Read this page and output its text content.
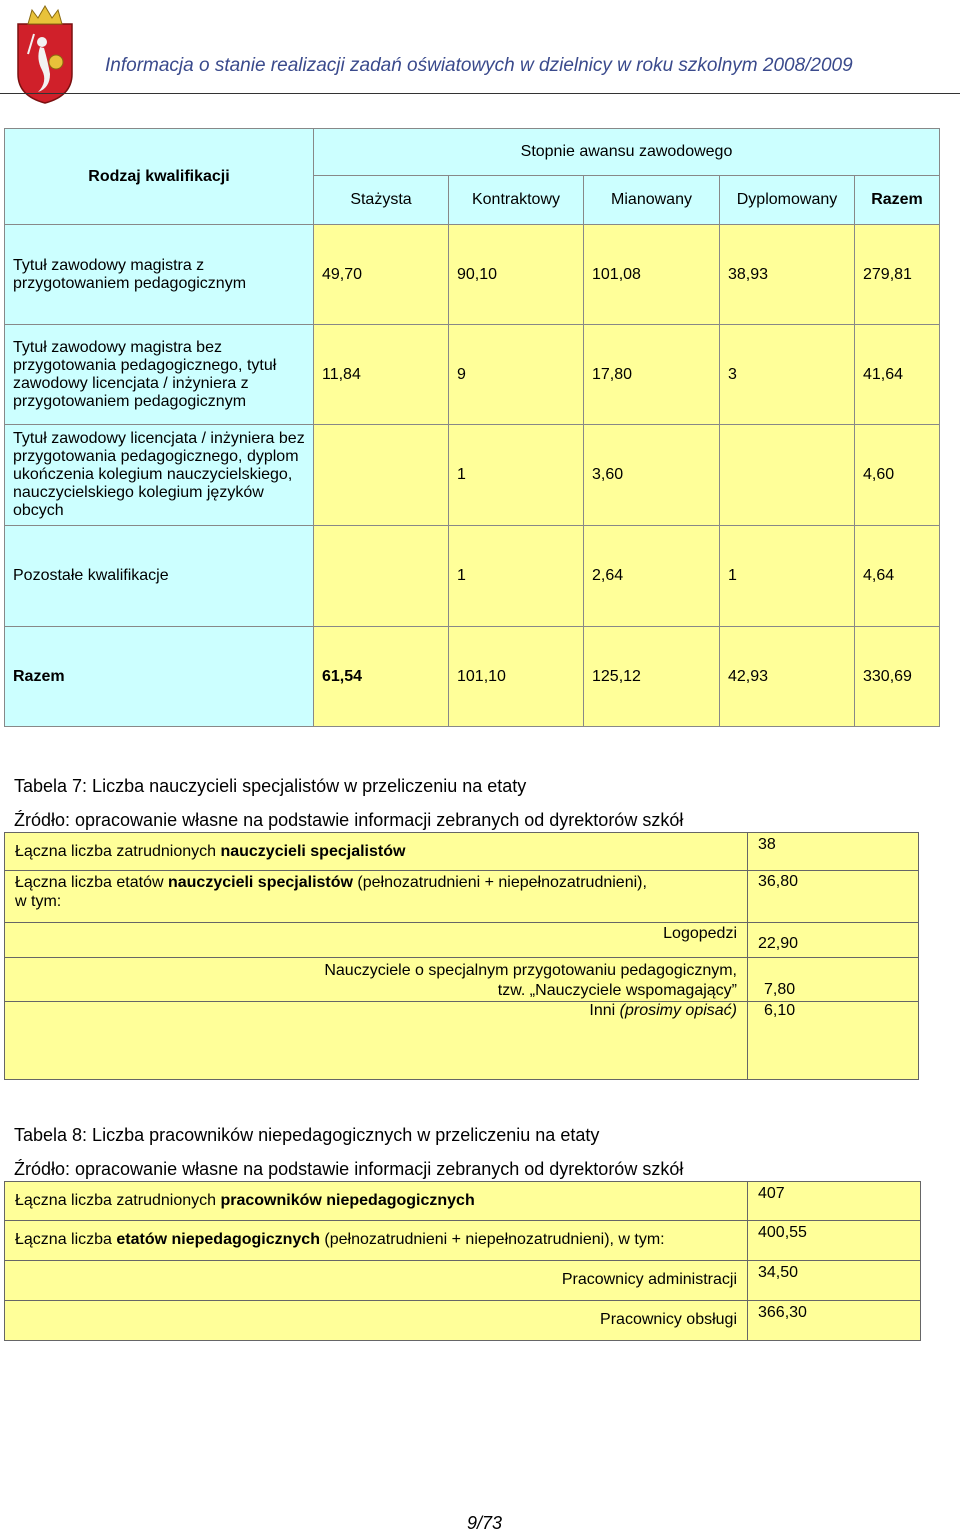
Informacja o stanie realizacji zadań oświatowych w dzielnicy w roku szkolnym 2008/2009
Rodzaj kwalifikacji	Stopnie awansu zawodowego				
	Stażysta	Kontraktowy	Mianowany	Dyplomowany	Razem
Tytuł zawodowy magistra z przygotowaniem pedagogicznym	49,70	90,10	101,08	38,93	279,81
Tytuł zawodowy magistra bez przygotowania pedagogicznego, tytuł zawodowy licencjata / inżyniera z przygotowaniem pedagogicznym	11,84	9	17,80	3	41,64
Tytuł zawodowy licencjata / inżyniera bez przygotowania pedagogicznego, dyplom ukończenia kolegium nauczycielskiego, nauczycielskiego kolegium języków obcych		1	3,60		4,60
Pozostałe kwalifikacje		1	2,64	1	4,64
Razem	61,54	101,10	125,12	42,93	330,69
Tabela 7: Liczba nauczycieli specjalistów w przeliczeniu na etaty
Źródło: opracowanie własne na podstawie informacji zebranych od dyrektorów szkół
Łączna liczba zatrudnionych nauczycieli specjalistów	38
Łączna liczba etatów nauczycieli specjalistów (pełnozatrudnieni + niepełnozatrudnieni),
w tym:	36,80
Logopedzi	22,90
Nauczyciele o specjalnym przygotowaniu pedagogicznym,
tzw. „Nauczyciele wspomagający”	7,80
Inni (prosimy opisać)	6,10
Tabela 8: Liczba pracowników niepedagogicznych w przeliczeniu na etaty
Źródło: opracowanie własne na podstawie informacji zebranych od dyrektorów szkół
Łączna liczba zatrudnionych pracowników niepedagogicznych	407
Łączna liczba etatów niepedagogicznych (pełnozatrudnieni + niepełnozatrudnieni), w tym:	400,55
Pracownicy administracji	34,50
Pracownicy obsługi	366,30
9/73
